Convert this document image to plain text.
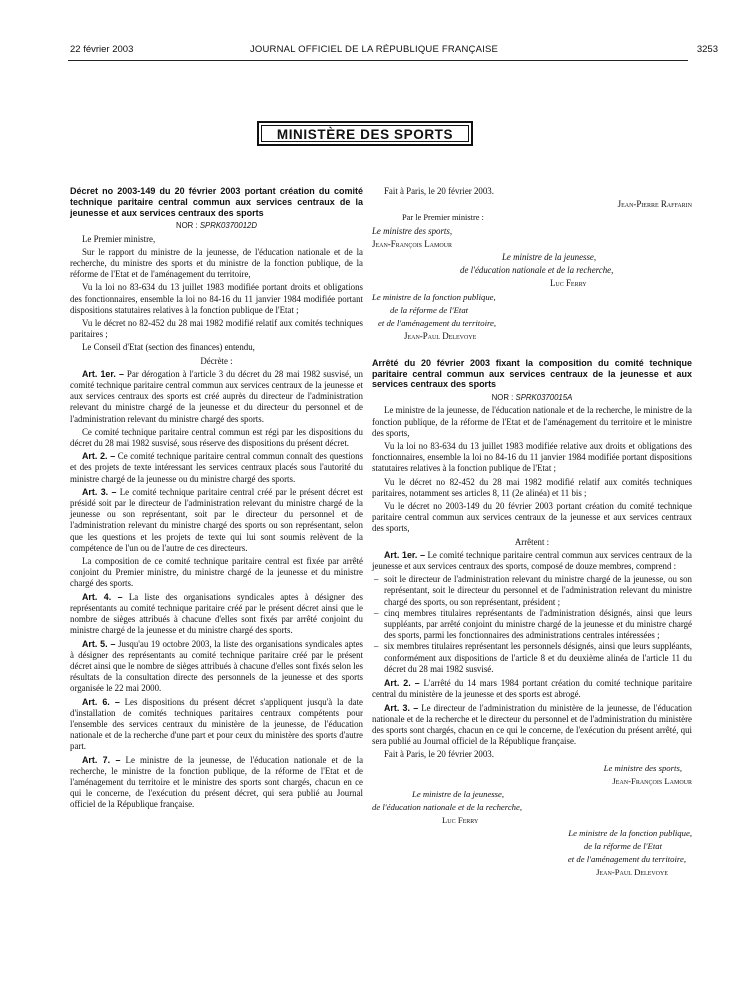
22 février 2003	JOURNAL OFFICIEL DE LA RÉPUBLIQUE FRANÇAISE	3253
MINISTÈRE DES SPORTS

Décret no 2003-149 du 20 février 2003 portant création du comité technique paritaire central commun aux services centraux de la jeunesse et aux services centraux des sports

NOR : SPRK0370012D

Le Premier ministre,

Sur le rapport du ministre de la jeunesse, de l'éducation nationale et de la recherche, du ministre des sports et du ministre de la fonction publique, de la réforme de l'Etat et de l'aménagement du territoire,

Vu la loi no 83-634 du 13 juillet 1983 modifiée portant droits et obligations des fonctionnaires, ensemble la loi no 84-16 du 11 janvier 1984 modifiée portant dispositions statutaires relatives à la fonction publique de l'Etat ;

Vu le décret no 82-452 du 28 mai 1982 modifié relatif aux comités techniques paritaires ;

Le Conseil d'Etat (section des finances) entendu,

Décrète :

Art. 1er. – Par dérogation à l'article 3 du décret du 28 mai 1982 susvisé, un comité technique paritaire central commun aux services centraux de la jeunesse et aux services centraux des sports est créé auprès du directeur de l'administration relevant du ministre chargé de la jeunesse et du directeur du personnel et de l'administration relevant du ministre chargé des sports.

Ce comité technique paritaire central commun est régi par les dispositions du décret du 28 mai 1982 susvisé, sous réserve des dispositions du présent décret.

Art. 2. – Ce comité technique paritaire central commun connaît des questions et des projets de texte intéressant les services centraux placés sous l'autorité du ministre chargé de la jeunesse ou du ministre chargé des sports.

Art. 3. – Le comité technique paritaire central créé par le présent décret est présidé soit par le directeur de l'administration relevant du ministre chargé de la jeunesse ou son représentant, soit par le directeur du personnel et de l'administration relevant du ministre chargé des sports ou son représentant, selon que les questions et les projets de texte qui lui sont soumis relèvent de la compétence de l'un ou de l'autre de ces directeurs.

La composition de ce comité technique paritaire central est fixée par arrêté conjoint du Premier ministre, du ministre chargé de la jeunesse et du ministre chargé des sports.

Art. 4. – La liste des organisations syndicales aptes à désigner des représentants au comité technique paritaire créé par le présent décret ainsi que le nombre de sièges attribués à chacune d'elles sont fixés par arrêté conjoint du ministre chargé de la jeunesse et du ministre chargé des sports.

Art. 5. – Jusqu'au 19 octobre 2003, la liste des organisations syndicales aptes à désigner des représentants au comité technique paritaire créé par le présent décret ainsi que le nombre de sièges attribués à chacune d'elles sont fixés selon les résultats de la consultation directe des personnels de la jeunesse et des sports organisée le 22 mai 2000.

Art. 6. – Les dispositions du présent décret s'appliquent jusqu'à la date d'installation de comités techniques paritaires centraux compétents pour l'ensemble des services centraux du ministère de la jeunesse, de l'éducation nationale et de la recherche d'une part et pour ceux du ministère des sports d'autre part.

Art. 7. – Le ministre de la jeunesse, de l'éducation nationale et de la recherche, le ministre de la fonction publique, de la réforme de l'Etat et de l'aménagement du territoire et le ministre des sports sont chargés, chacun en ce qui le concerne, de l'exécution du présent décret, qui sera publié au Journal officiel de la République française.

Fait à Paris, le 20 février 2003.

Jean-Pierre Raffarin

Par le Premier ministre :

Le ministre des sports,

Jean-François Lamour

Le ministre de la jeunesse,

de l'éducation nationale et de la recherche,

Luc Ferry

Le ministre de la fonction publique,

de la réforme de l'Etat

et de l'aménagement du territoire,

Jean-Paul Delevoye

Arrêté du 20 février 2003 fixant la composition du comité technique paritaire central commun aux services centraux de la jeunesse et aux services centraux des sports

NOR : SPRK0370015A

Le ministre de la jeunesse, de l'éducation nationale et de la recherche, le ministre de la fonction publique, de la réforme de l'Etat et de l'aménagement du territoire et le ministre des sports,

Vu la loi no 83-634 du 13 juillet 1983 modifiée relative aux droits et obligations des fonctionnaires, ensemble la loi no 84-16 du 11 janvier 1984 modifiée portant dispositions statutaires relatives à la fonction publique de l'Etat ;

Vu le décret no 82-452 du 28 mai 1982 modifié relatif aux comités techniques paritaires, notamment ses articles 8, 11 (2e alinéa) et 11 bis ;

Vu le décret no 2003-149 du 20 février 2003 portant création du comité technique paritaire central commun aux services centraux de la jeunesse et aux services centraux des sports,

Arrêtent :

Art. 1er. – Le comité technique paritaire central commun aux services centraux de la jeunesse et aux services centraux des sports, composé de douze membres, comprend :

– soit le directeur de l'administration relevant du ministre chargé de la jeunesse, ou son représentant, soit le directeur du personnel et de l'administration relevant du ministre chargé des sports, ou son représentant, président ;

– cinq membres titulaires représentants de l'administration désignés, ainsi que leurs suppléants, par arrêté conjoint du ministre chargé de la jeunesse et du ministre chargé des sports, parmi les fonctionnaires des administrations centrales intéressées ;

– six membres titulaires représentant les personnels désignés, ainsi que leurs suppléants, conformément aux dispositions de l'article 8 et du deuxième alinéa de l'article 11 du décret du 28 mai 1982 susvisé.

Art. 2. – L'arrêté du 14 mars 1984 portant création du comité technique paritaire central du ministère de la jeunesse et des sports est abrogé.

Art. 3. – Le directeur de l'administration du ministère de la jeunesse, de l'éducation nationale et de la recherche et le directeur du personnel et de l'administration du ministère des sports sont chargés, chacun en ce qui le concerne, de l'exécution du présent arrêté, qui sera publié au Journal officiel de la République française.

Fait à Paris, le 20 février 2003.

Le ministre des sports,

Jean-François Lamour

Le ministre de la jeunesse,

de l'éducation nationale et de la recherche,

Luc Ferry

Le ministre de la fonction publique,

de la réforme de l'Etat

et de l'aménagement du territoire,

Jean-Paul Delevoye
